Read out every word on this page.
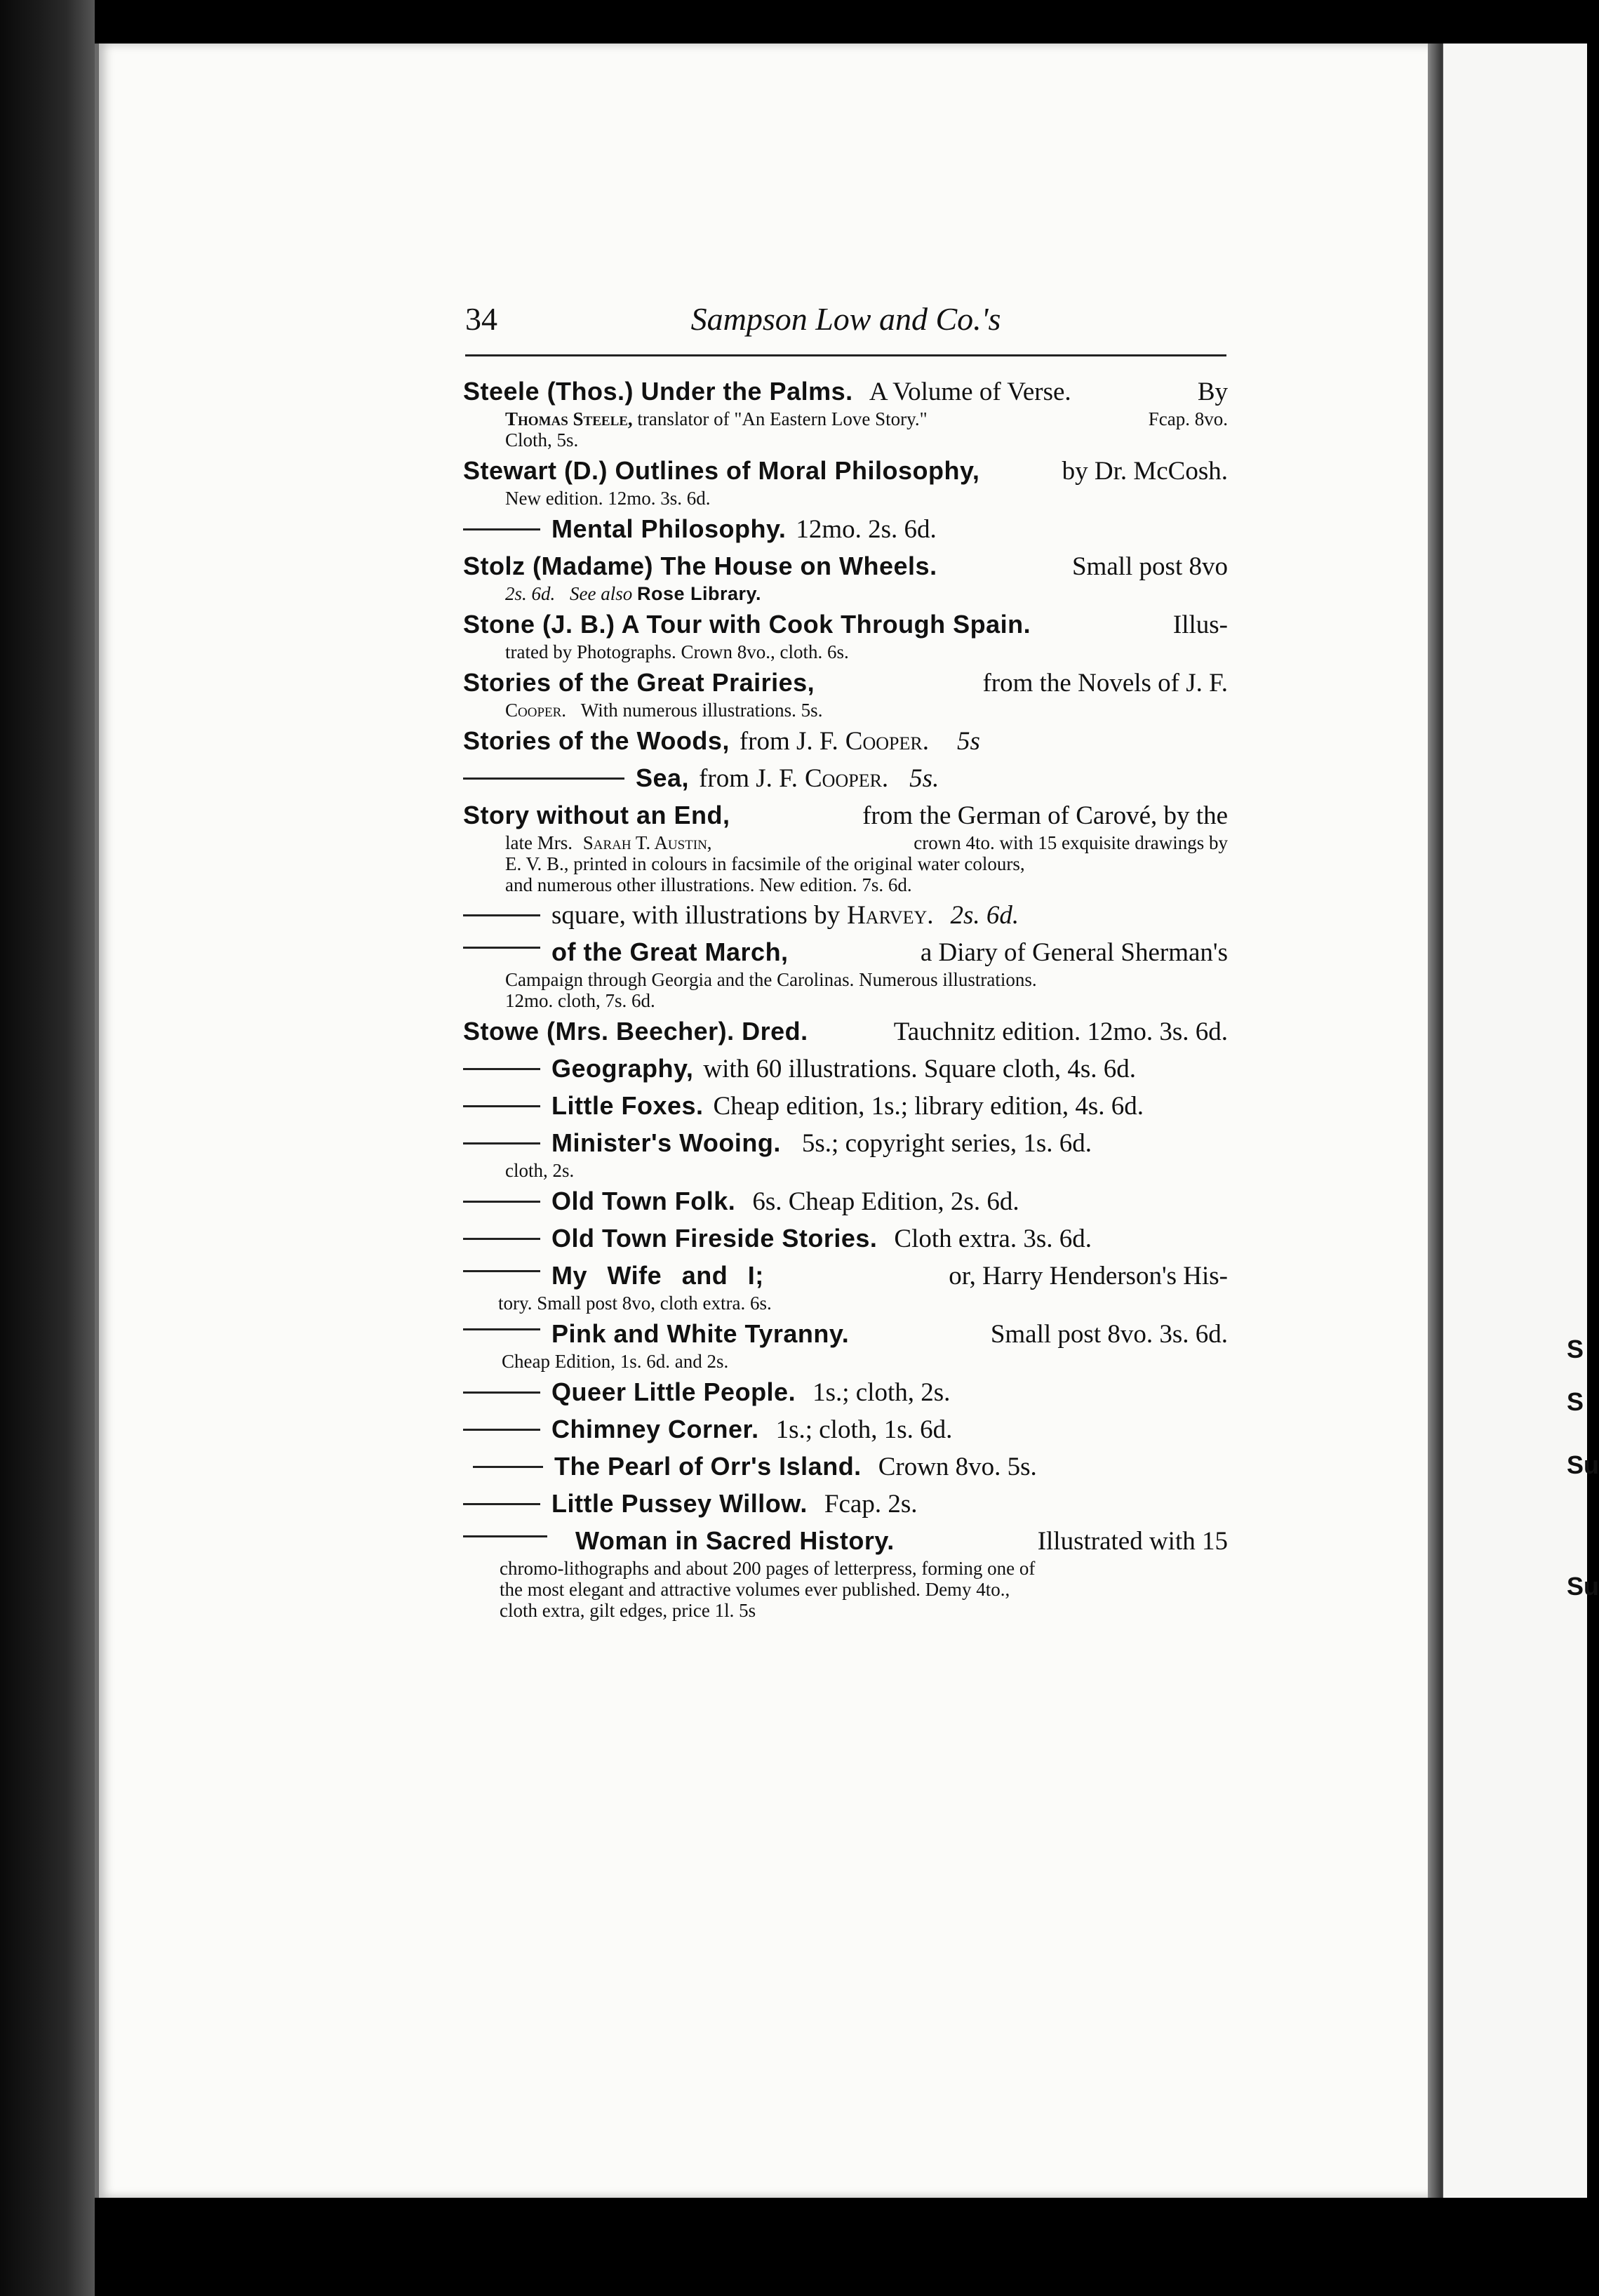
S
S
Su
Su
34	Sampson Low and Co.'s
Steele (Thos.) Under the Palms. A Volume of Verse.	By
Thomas Steele, translator of "An Eastern Love Story."	Fcap. 8vo.
Cloth, 5s.
Stewart (D.) Outlines of Moral Philosophy,	by Dr. McCosh.
New edition. 12mo. 3s. 6d.
Mental Philosophy. 12mo. 2s. 6d.
Stolz (Madame) The House on Wheels.	Small post 8vo
2s. 6d. See also Rose Library.
Stone (J. B.) A Tour with Cook Through Spain.	Illus-
trated by Photographs. Crown 8vo., cloth. 6s.
Stories of the Great Prairies,	from the Novels of J. F.
Cooper. With numerous illustrations. 5s.
Stories of the Woods, from J. F. Cooper. 5s
Sea, from J. F. Cooper. 5s.
Story without an End,	from the German of Carové, by the
late Mrs. Sarah T. Austin,	crown 4to. with 15 exquisite drawings by
E. V. B., printed in colours in facsimile of the original water colours,
and numerous other illustrations. New edition. 7s. 6d.
square, with illustrations by Harvey. 2s. 6d.
of the Great March,	a Diary of General Sherman's
Campaign through Georgia and the Carolinas. Numerous illustrations.
12mo. cloth, 7s. 6d.
Stowe (Mrs. Beecher). Dred.	Tauchnitz edition. 12mo. 3s. 6d.
Geography, with 60 illustrations. Square cloth, 4s. 6d.
Little Foxes. Cheap edition, 1s.; library edition, 4s. 6d.
Minister's Wooing. 5s.; copyright series, 1s. 6d.
cloth, 2s.
Old Town Folk. 6s. Cheap Edition, 2s. 6d.
Old Town Fireside Stories. Cloth extra. 3s. 6d.
My Wife and I;	or, Harry Henderson's His-
tory. Small post 8vo, cloth extra. 6s.
Pink and White Tyranny.	Small post 8vo. 3s. 6d.
Cheap Edition, 1s. 6d. and 2s.
Queer Little People. 1s.; cloth, 2s.
Chimney Corner. 1s.; cloth, 1s. 6d.
The Pearl of Orr's Island. Crown 8vo. 5s.
Little Pussey Willow. Fcap. 2s.
Woman in Sacred History.	Illustrated with 15
chromo-lithographs and about 200 pages of letterpress, forming one of
the most elegant and attractive volumes ever published. Demy 4to.,
cloth extra, gilt edges, price 1l. 5s
